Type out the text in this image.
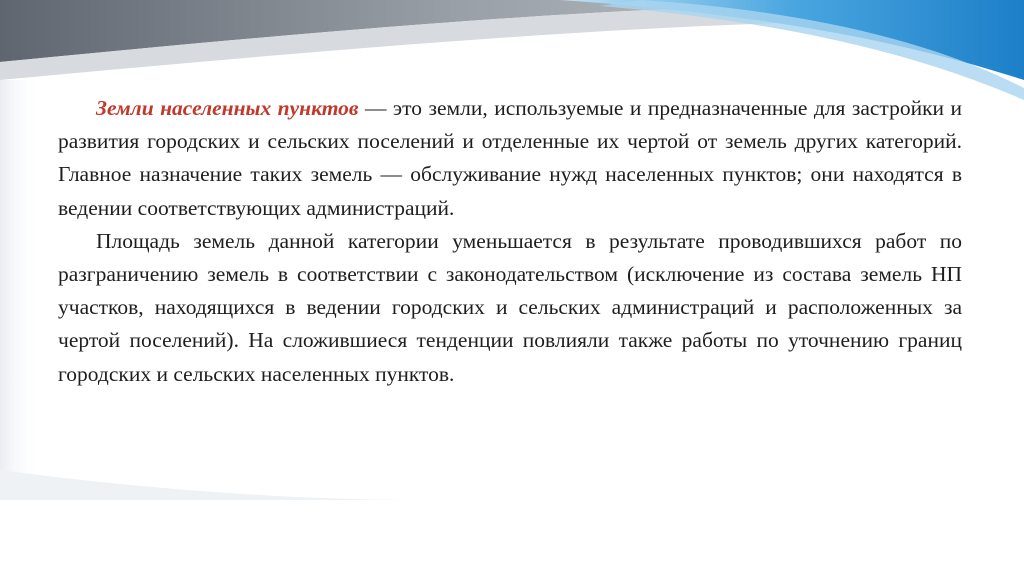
Земли населенных пунктов — это земли, используемые и предназначенные для застройки и развития городских и сельских поселений и отделенные их чертой от земель других категорий. Главное назначение таких земель — обслуживание нужд населенных пунктов; они находятся в ведении соответствующих администраций.

Площадь земель данной категории уменьшается в результате проводившихся работ по разграничению земель в соответствии с законодательством (исключение из состава земель НП участков, находящихся в ведении городских и сельских администраций и расположенных за чертой поселений). На сложившиеся тенденции повлияли также работы по уточнению границ городских и сельских населенных пунктов.
